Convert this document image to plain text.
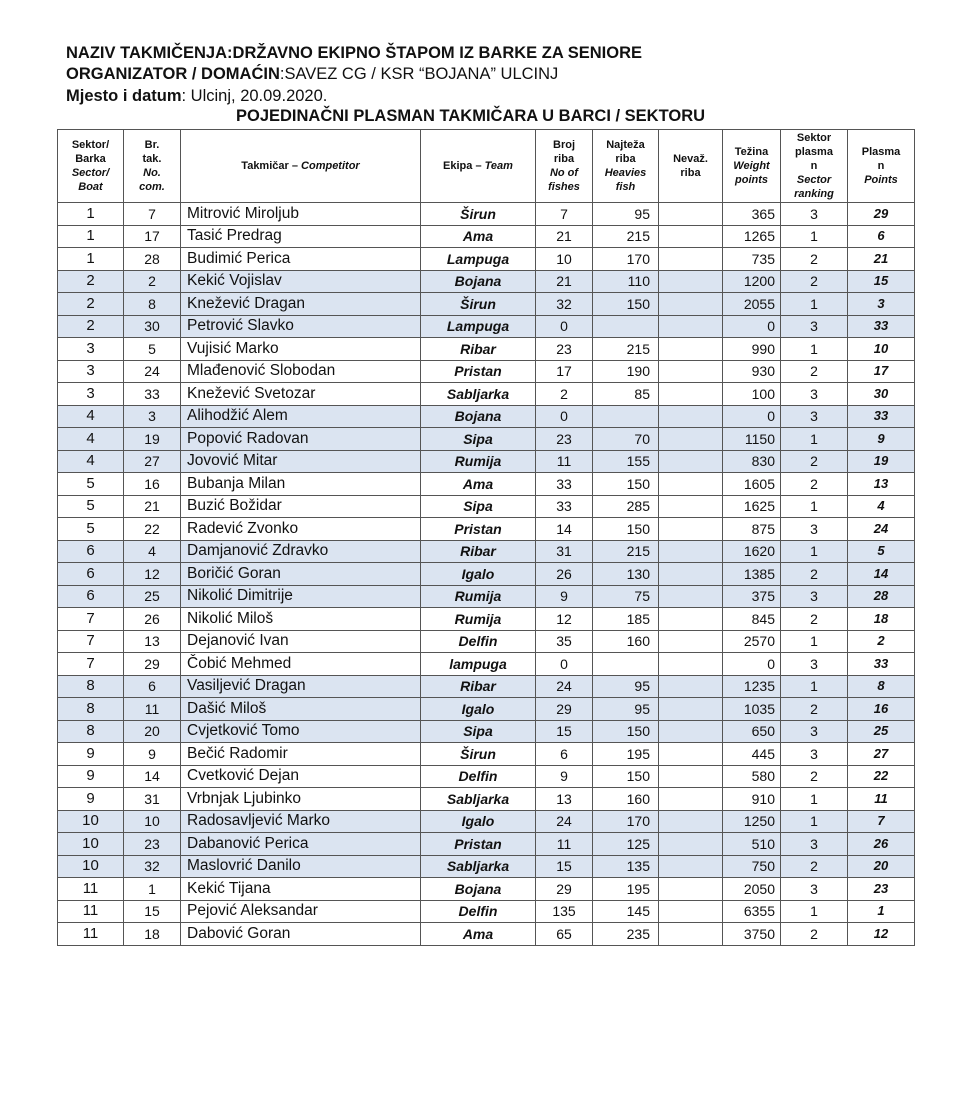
NAZIV TAKMIČENJA:DRŽAVNO EKIPNO ŠTAPOM IZ BARKE ZA SENIORE
ORGANIZATOR / DOMAĆIN:SAVEZ CG / KSR “BOJANA” ULCINJ
Mjesto i datum: Ulcinj, 20.09.2020.
POJEDINAČNI PLASMAN TAKMIČARA U BARCI / SEKTORU
Sektor/
Barka
Sector/
Boat	Br.
tak.
No.
com.	Takmičar – Competitor	Ekipa – Team	Broj
riba
No of
fishes	Najteža
riba
Heavies
fish	Nevaž.
riba	Težina
Weight
points	Sektor
plasma
n
Sector
ranking	Plasma
n
Points
1	7	Mitrović Miroljub	Širun	7	95		365	3	29
1	17	Tasić Predrag	Ama	21	215		1265	1	6
1	28	Budimić Perica	Lampuga	10	170		735	2	21
2	2	Kekić Vojislav	Bojana	21	110		1200	2	15
2	8	Knežević Dragan	Širun	32	150		2055	1	3
2	30	Petrović Slavko	Lampuga	0			0	3	33
3	5	Vujisić Marko	Ribar	23	215		990	1	10
3	24	Mlađenović Slobodan	Pristan	17	190		930	2	17
3	33	Knežević Svetozar	Sabljarka	2	85		100	3	30
4	3	Alihodžić Alem	Bojana	0			0	3	33
4	19	Popović Radovan	Sipa	23	70		1150	1	9
4	27	Jovović Mitar	Rumija	11	155		830	2	19
5	16	Bubanja Milan	Ama	33	150		1605	2	13
5	21	Buzić Božidar	Sipa	33	285		1625	1	4
5	22	Radević Zvonko	Pristan	14	150		875	3	24
6	4	Damjanović Zdravko	Ribar	31	215		1620	1	5
6	12	Boričić Goran	Igalo	26	130		1385	2	14
6	25	Nikolić Dimitrije	Rumija	9	75		375	3	28
7	26	Nikolić Miloš	Rumija	12	185		845	2	18
7	13	Dejanović Ivan	Delfin	35	160		2570	1	2
7	29	Čobić Mehmed	lampuga	0			0	3	33
8	6	Vasiljević Dragan	Ribar	24	95		1235	1	8
8	11	Dašić Miloš	Igalo	29	95		1035	2	16
8	20	Cvjetković Tomo	Sipa	15	150		650	3	25
9	9	Bečić Radomir	Širun	6	195		445	3	27
9	14	Cvetković Dejan	Delfin	9	150		580	2	22
9	31	Vrbnjak Ljubinko	Sabljarka	13	160		910	1	11
10	10	Radosavljević Marko	Igalo	24	170		1250	1	7
10	23	Dabanović Perica	Pristan	11	125		510	3	26
10	32	Maslovrić Danilo	Sabljarka	15	135		750	2	20
11	1	Kekić Tijana	Bojana	29	195		2050	3	23
11	15	Pejović Aleksandar	Delfin	135	145		6355	1	1
11	18	Dabović Goran	Ama	65	235		3750	2	12
